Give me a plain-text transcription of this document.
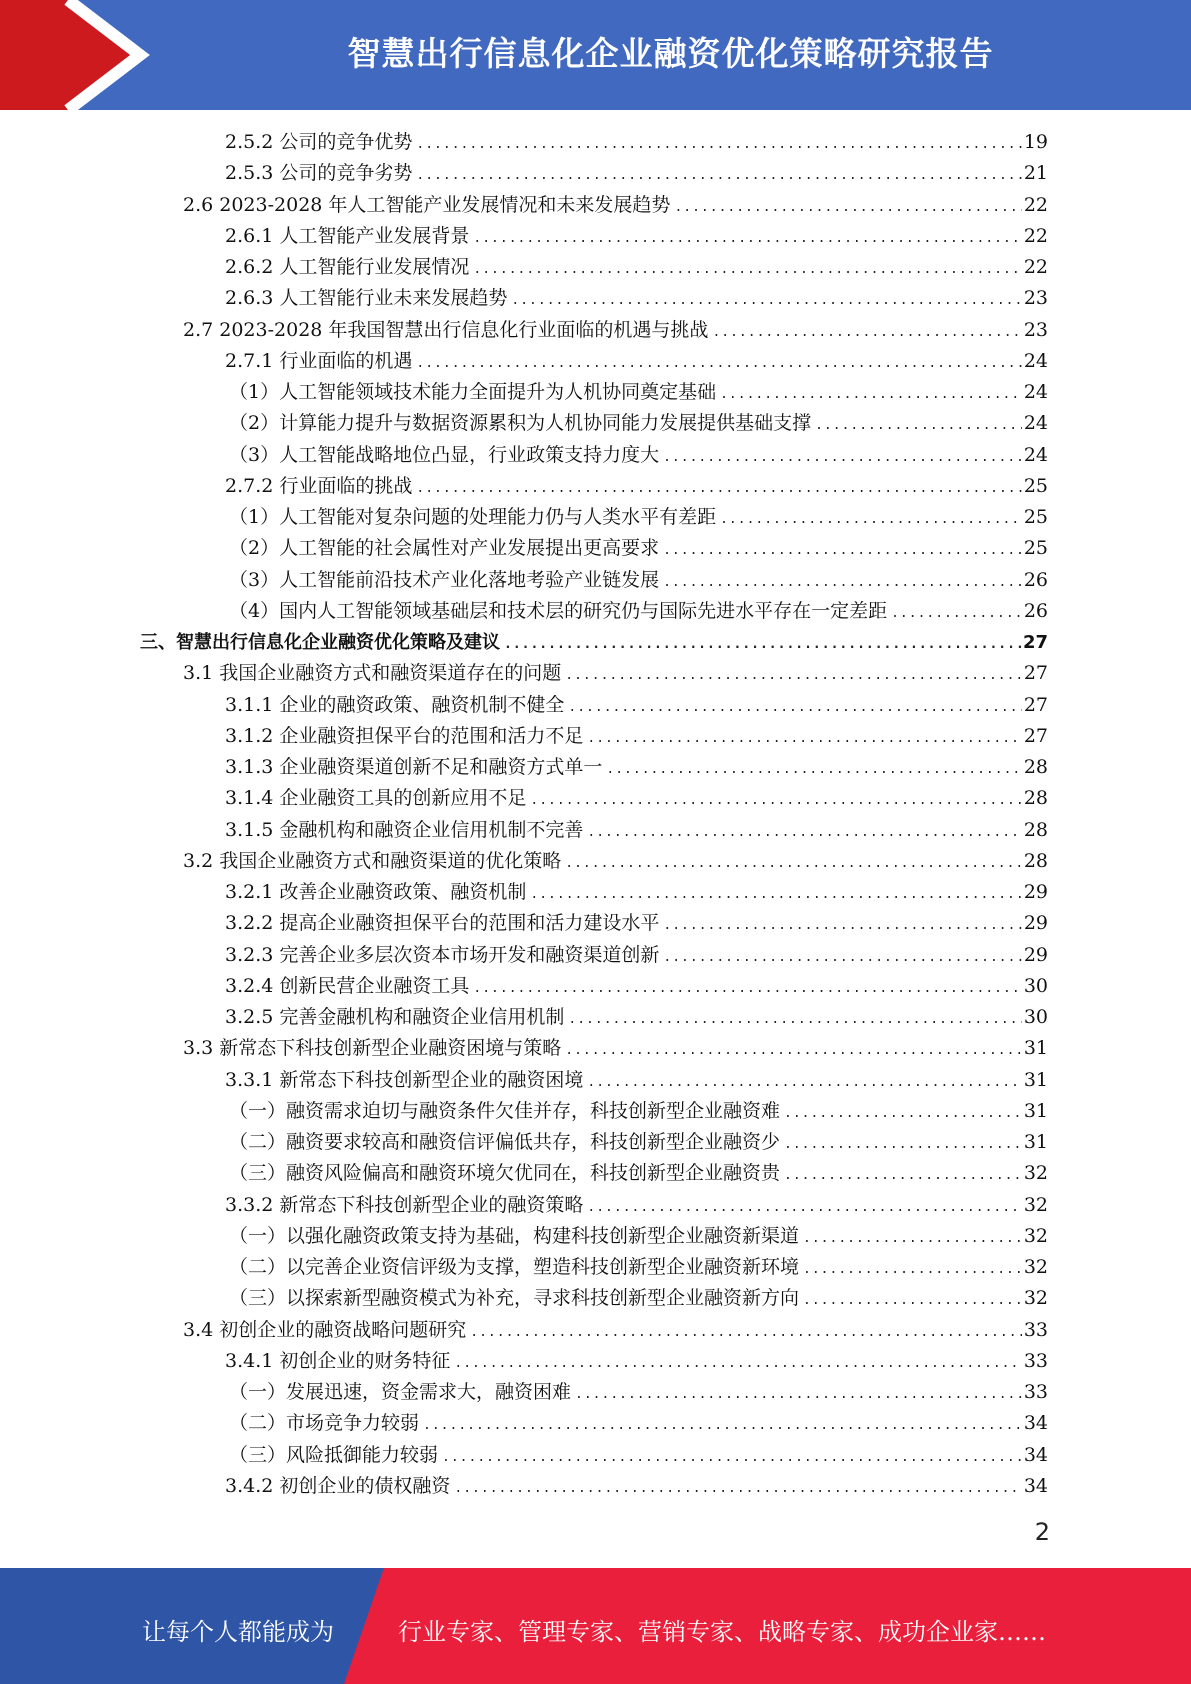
智慧出行信息化企业融资优化策略研究报告
2.5.2 公司的竞争优势 .....	19
2.5.3 公司的竞争劣势 .....	21
2.6 2023-2028 年人工智能产业发展情况和未来发展趋势 .....	22
2.6.1 人工智能产业发展背景 .....	22
2.6.2 人工智能行业发展情况 .....	22
2.6.3 人工智能行业未来发展趋势 .....	23
2.7 2023-2028 年我国智慧出行信息化行业面临的机遇与挑战 .....	23
2.7.1 行业面临的机遇 .....	24
（1）人工智能领域技术能力全面提升为人机协同奠定基础 .....	24
（2）计算能力提升与数据资源累积为人机协同能力发展提供基础支撑 .....	24
（3）人工智能战略地位凸显，行业政策支持力度大 .....	24
2.7.2 行业面临的挑战 .....	25
（1）人工智能对复杂问题的处理能力仍与人类水平有差距 .....	25
（2）人工智能的社会属性对产业发展提出更高要求 .....	25
（3）人工智能前沿技术产业化落地考验产业链发展 .....	26
（4）国内人工智能领域基础层和技术层的研究仍与国际先进水平存在一定差距 .....	26
三、智慧出行信息化企业融资优化策略及建议 .....	27
3.1 我国企业融资方式和融资渠道存在的问题 .....	27
3.1.1 企业的融资政策、融资机制不健全 .....	27
3.1.2 企业融资担保平台的范围和活力不足 .....	27
3.1.3 企业融资渠道创新不足和融资方式单一 .....	28
3.1.4 企业融资工具的创新应用不足 .....	28
3.1.5 金融机构和融资企业信用机制不完善 .....	28
3.2 我国企业融资方式和融资渠道的优化策略 .....	28
3.2.1 改善企业融资政策、融资机制 .....	29
3.2.2 提高企业融资担保平台的范围和活力建设水平 .....	29
3.2.3 完善企业多层次资本市场开发和融资渠道创新 .....	29
3.2.4 创新民营企业融资工具 .....	30
3.2.5 完善金融机构和融资企业信用机制 .....	30
3.3 新常态下科技创新型企业融资困境与策略 .....	31
3.3.1 新常态下科技创新型企业的融资困境 .....	31
（一）融资需求迫切与融资条件欠佳并存，科技创新型企业融资难 .....	31
（二）融资要求较高和融资信评偏低共存，科技创新型企业融资少 .....	31
（三）融资风险偏高和融资环境欠优同在，科技创新型企业融资贵 .....	32
3.3.2 新常态下科技创新型企业的融资策略 .....	32
（一）以强化融资政策支持为基础，构建科技创新型企业融资新渠道 .....	32
（二）以完善企业资信评级为支撑，塑造科技创新型企业融资新环境 .....	32
（三）以探索新型融资模式为补充，寻求科技创新型企业融资新方向 .....	32
3.4 初创企业的融资战略问题研究 .....	33
3.4.1 初创企业的财务特征 .....	33
（一）发展迅速，资金需求大，融资困难 .....	33
（二）市场竞争力较弱 .....	34
（三）风险抵御能力较弱 .....	34
3.4.2 初创企业的债权融资 .....	34
2
让每个人都能成为	行业专家、管理专家、营销专家、战略专家、成功企业家……
